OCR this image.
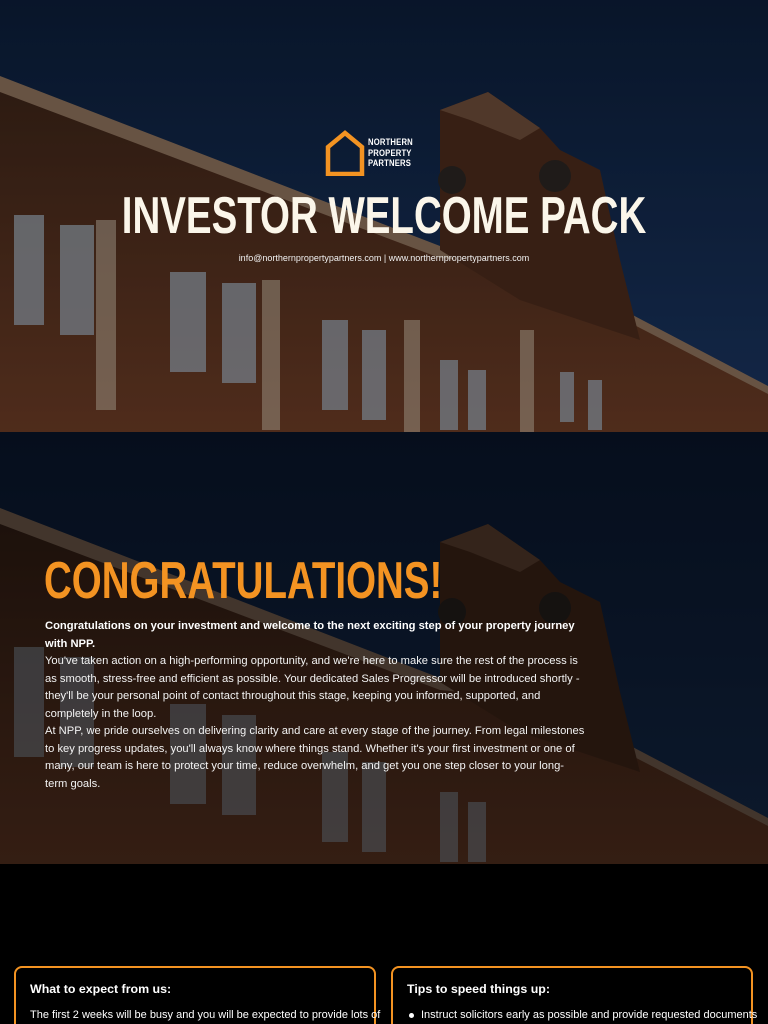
NORTHERN
PROPERTY
PARTNERS
INVESTOR WELCOME PACK
info@northernpropertypartners.com | www.northernpropertypartners.com
CONGRATULATIONS!

Congratulations on your investment and welcome to the next exciting step of your property journey with NPP.

You've taken action on a high-performing opportunity, and we're here to make sure the rest of the process is as smooth, stress-free and efficient as possible. Your dedicated Sales Progressor will be introduced shortly - they'll be your personal point of contact throughout this stage, keeping you informed, supported, and completely in the loop.

At NPP, we pride ourselves on delivering clarity and care at every stage of the journey. From legal milestones to key progress updates, you'll always know where things stand. Whether it's your first investment or one of many, our team is here to protect your time, reduce overwhelm, and get you one step closer to your long-term goals.

What to expect from us:

The first 2 weeks will be busy and you will be expected to provide lots of

Tips to speed things up:
Instruct solicitors early as possible and provide requested documents
